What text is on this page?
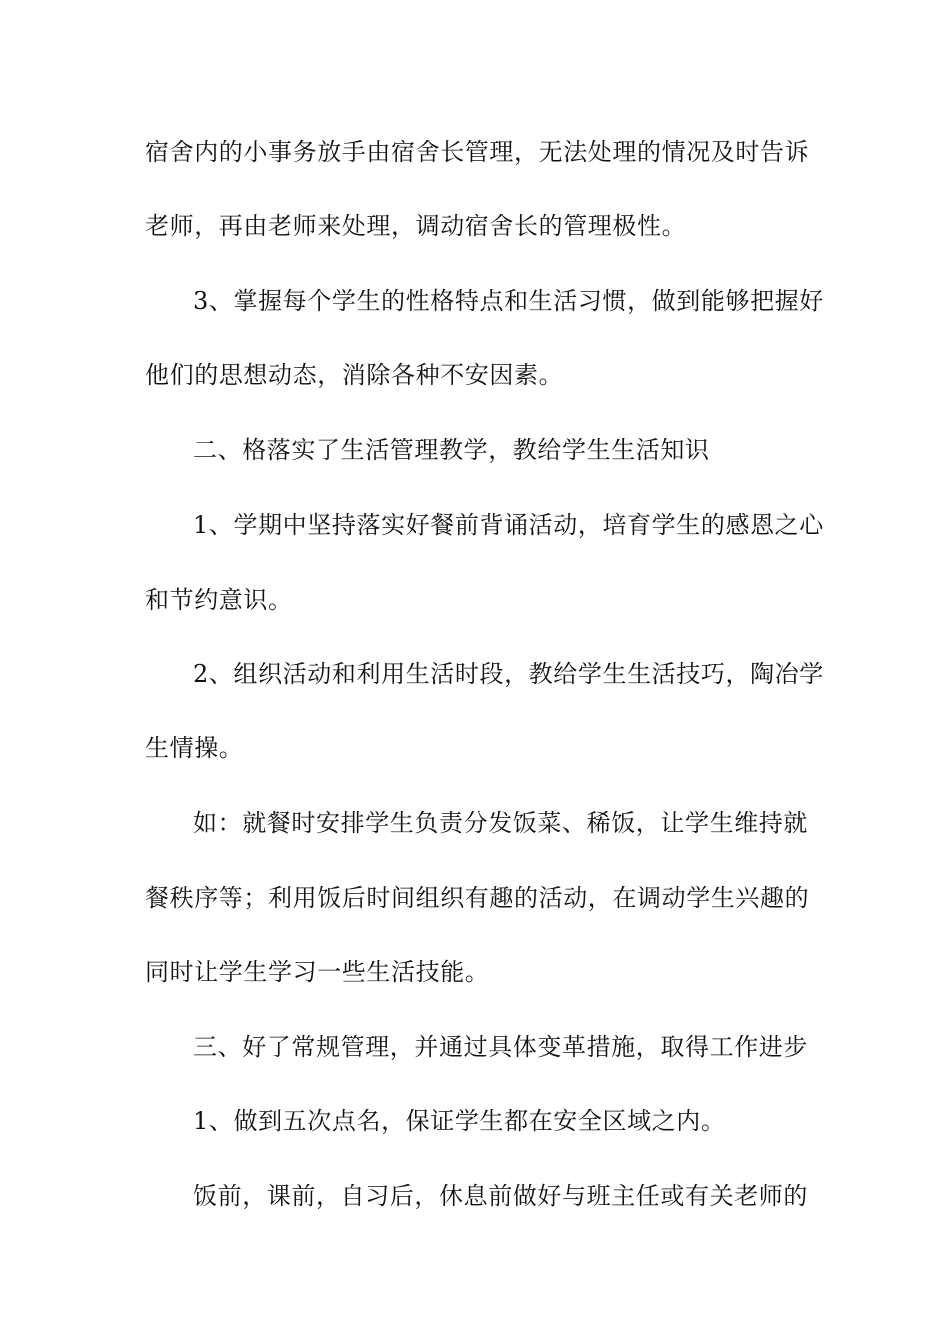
宿舍内的小事务放手由宿舍长管理，无法处理的情况及时告诉
老师，再由老师来处理，调动宿舍长的管理极性。
3、掌握每个学生的性格特点和生活习惯，做到能够把握好
他们的思想动态，消除各种不安因素。
二、格落实了生活管理教学，教给学生生活知识
1、学期中坚持落实好餐前背诵活动，培育学生的感恩之心
和节约意识。
2、组织活动和利用生活时段，教给学生生活技巧，陶冶学
生情操。
如：就餐时安排学生负责分发饭菜、稀饭，让学生维持就
餐秩序等；利用饭后时间组织有趣的活动，在调动学生兴趣的
同时让学生学习一些生活技能。
三、好了常规管理，并通过具体变革措施，取得工作进步
1、做到五次点名，保证学生都在安全区域之内。
饭前，课前，自习后，休息前做好与班主任或有关老师的
